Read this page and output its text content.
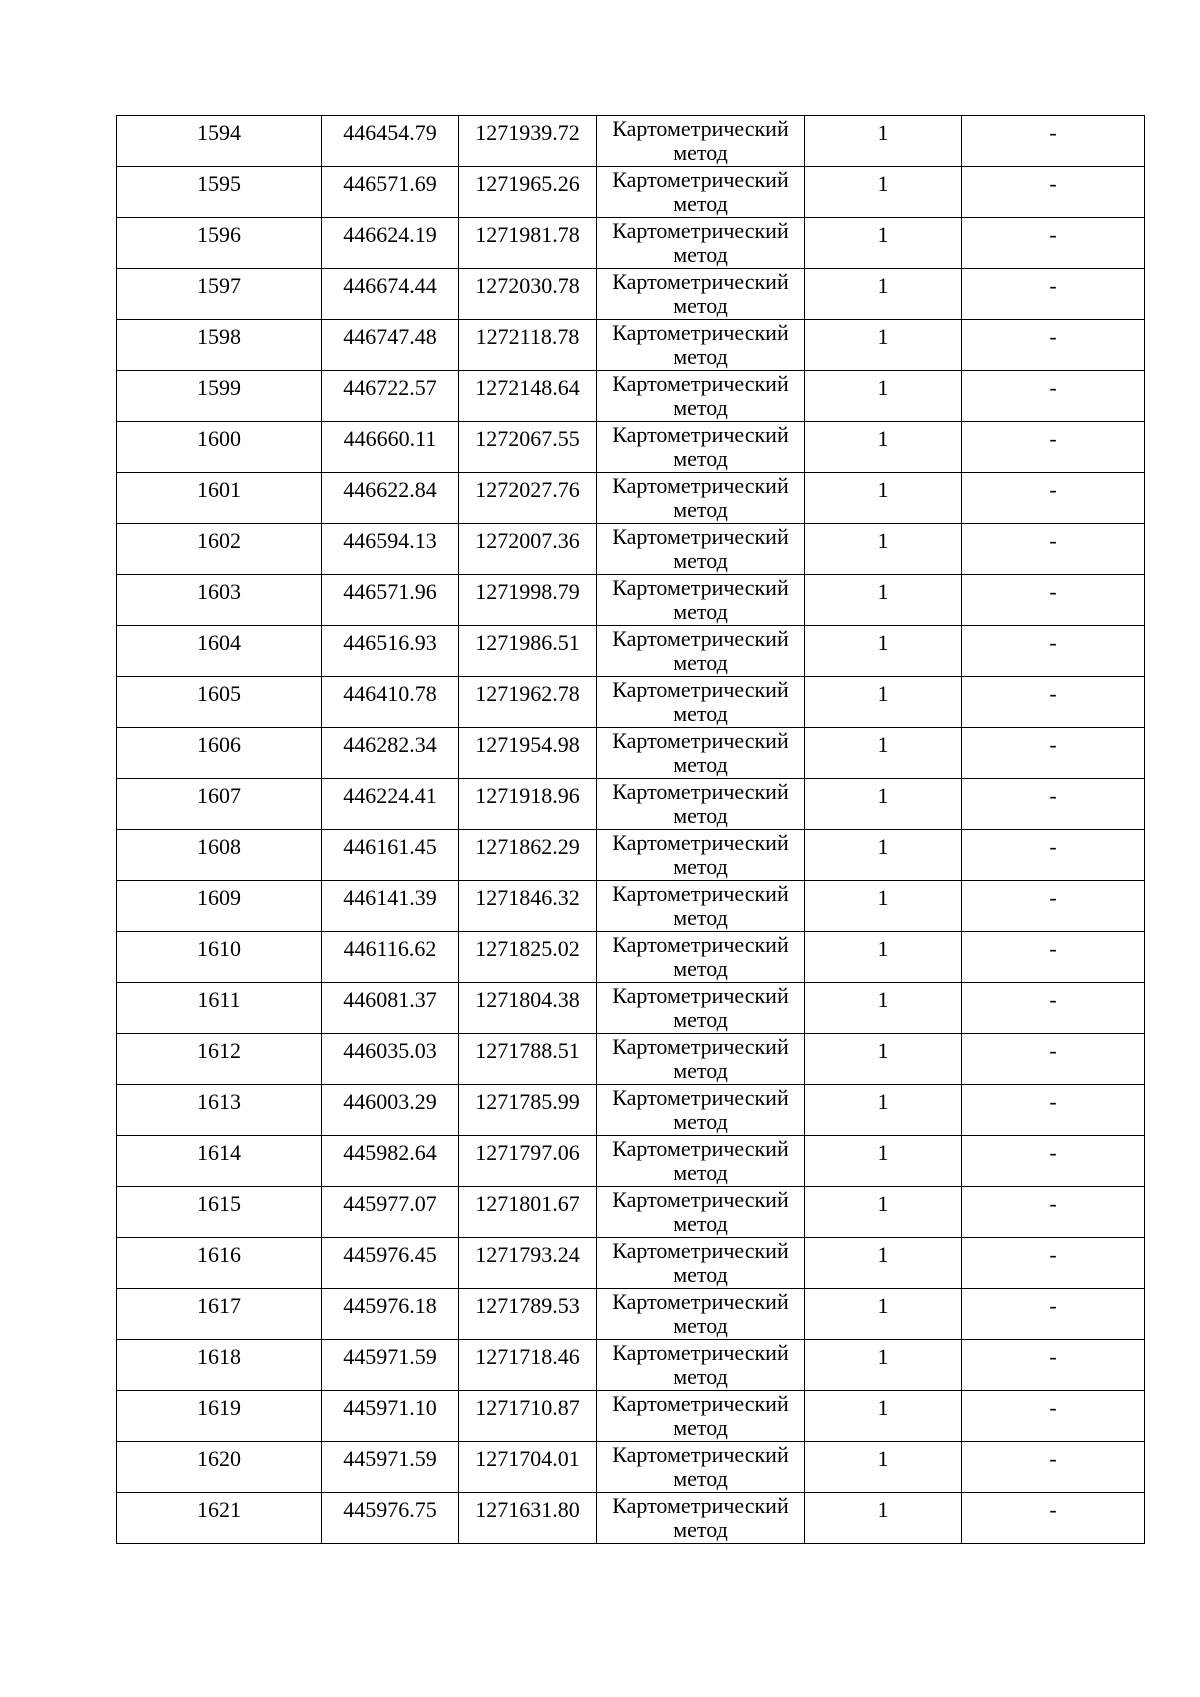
1594	446454.79	1271939.72	Картометрический
метод	1	-

1595	446571.69	1271965.26	Картометрический
метод	1	-

1596	446624.19	1271981.78	Картометрический
метод	1	-

1597	446674.44	1272030.78	Картометрический
метод	1	-

1598	446747.48	1272118.78	Картометрический
метод	1	-

1599	446722.57	1272148.64	Картометрический
метод	1	-

1600	446660.11	1272067.55	Картометрический
метод	1	-

1601	446622.84	1272027.76	Картометрический
метод	1	-

1602	446594.13	1272007.36	Картометрический
метод	1	-

1603	446571.96	1271998.79	Картометрический
метод	1	-

1604	446516.93	1271986.51	Картометрический
метод	1	-

1605	446410.78	1271962.78	Картометрический
метод	1	-

1606	446282.34	1271954.98	Картометрический
метод	1	-

1607	446224.41	1271918.96	Картометрический
метод	1	-

1608	446161.45	1271862.29	Картометрический
метод	1	-

1609	446141.39	1271846.32	Картометрический
метод	1	-

1610	446116.62	1271825.02	Картометрический
метод	1	-

1611	446081.37	1271804.38	Картометрический
метод	1	-

1612	446035.03	1271788.51	Картометрический
метод	1	-

1613	446003.29	1271785.99	Картометрический
метод	1	-

1614	445982.64	1271797.06	Картометрический
метод	1	-

1615	445977.07	1271801.67	Картометрический
метод	1	-

1616	445976.45	1271793.24	Картометрический
метод	1	-

1617	445976.18	1271789.53	Картометрический
метод	1	-

1618	445971.59	1271718.46	Картометрический
метод	1	-

1619	445971.10	1271710.87	Картометрический
метод	1	-

1620	445971.59	1271704.01	Картометрический
метод	1	-

1621	445976.75	1271631.80	Картометрический
метод	1	-
